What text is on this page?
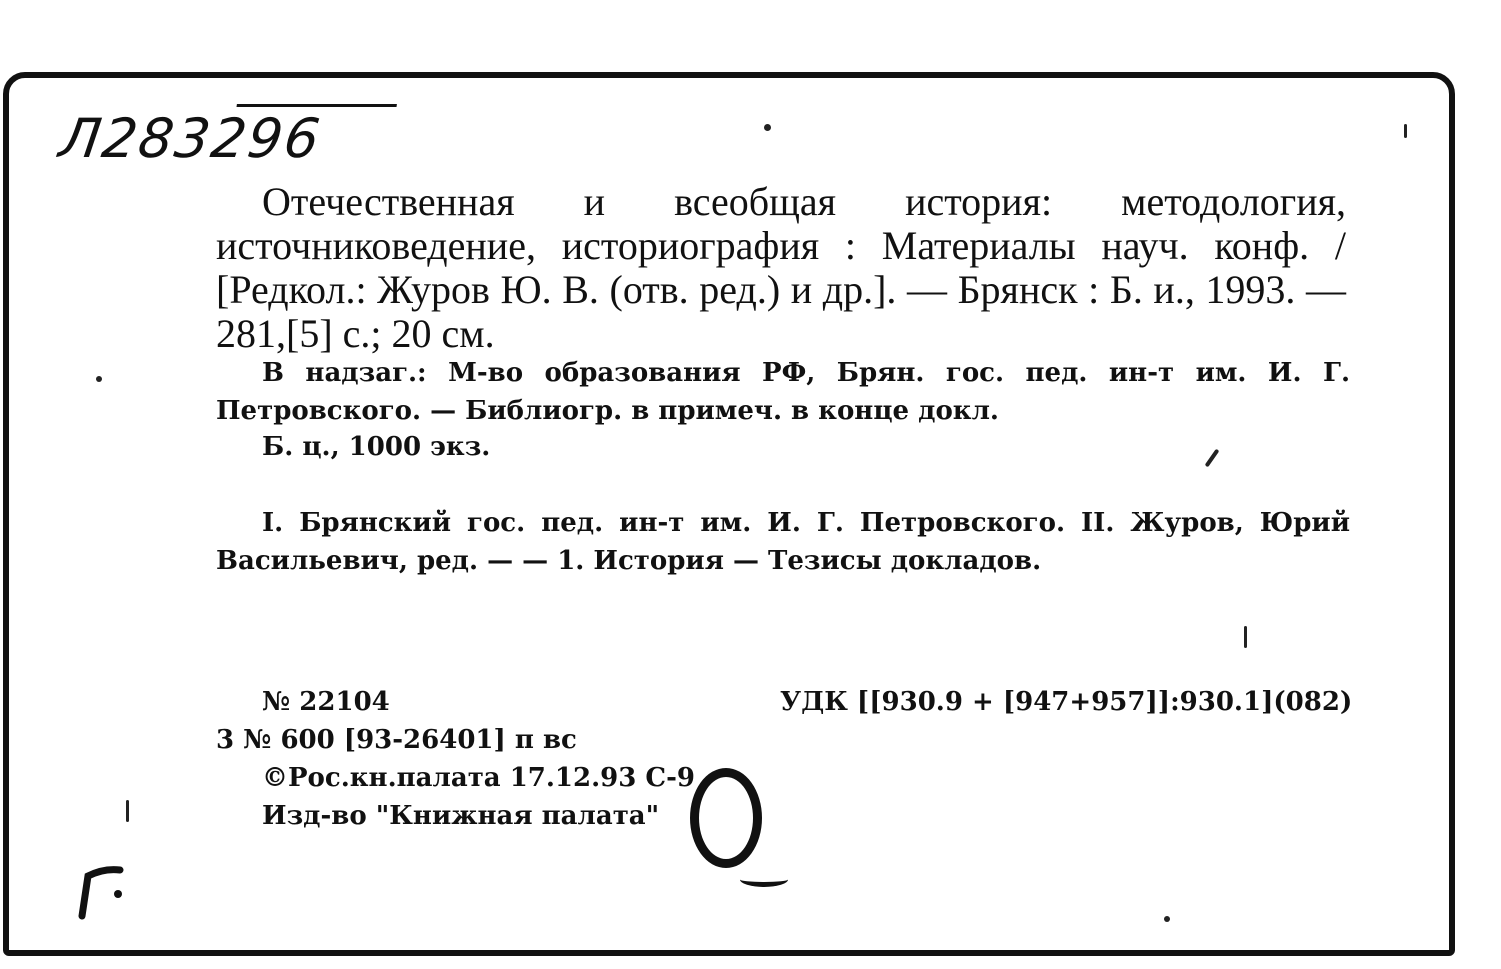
Л283296

Отечественная и всеобщая история: методология, источниковедение, историография : Материалы науч. конф. / [Редкол.: Журов Ю. В. (отв. ред.) и др.]. — Брянск : Б. и., 1993. — 281,[5] с.; 20 см.

В надзаг.: М-во образования РФ, Брян. гос. пед. ин-т им. И. Г. Петровского. — Библиогр. в примеч. в конце докл.

Б. ц., 1000 экз.

I. Брянский гос. пед. ин-т им. И. Г. Петровского. II. Журов, Юрий Васильевич, ред. — — 1. История — Тезисы докладов.

№ 22104	УДК [[930.9 + [947+957]]:930.1](082)
3 № 600 [93-26401] п вс
©Рос.кн.палата 17.12.93 С-9
Изд-во "Книжная палата"
